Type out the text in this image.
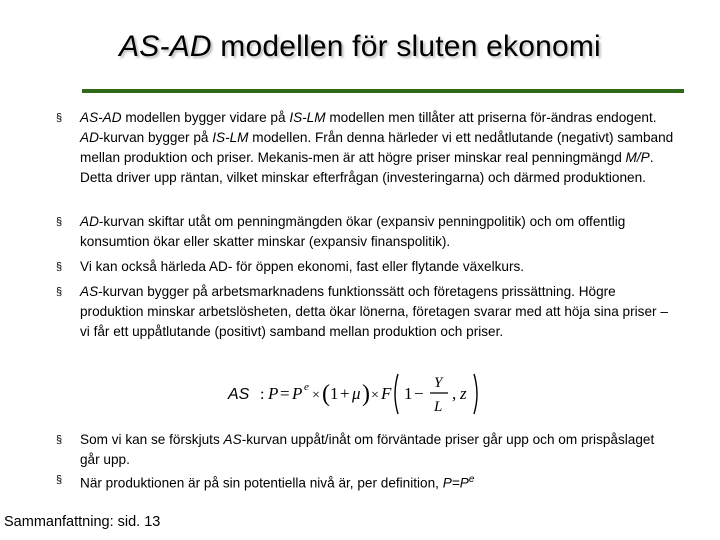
AS-AD modellen för sluten ekonomi
§	AS-AD modellen bygger vidare på IS-LM modellen men tillåter att priserna för-ändras endogent. AD-kurvan bygger på IS-LM modellen. Från denna härleder vi ett nedåtlutande (negativt) samband mellan produktion och priser. Mekanis-men är att högre priser minskar real penningmängd M/P. Detta driver upp räntan, vilket minskar efterfrågan (investeringarna) och därmed produktionen.
§	AD-kurvan skiftar utåt om penningmängden ökar (expansiv penningpolitik) och om offentlig konsumtion ökar eller skatter minskar (expansiv finanspolitik).
§	Vi kan också härleda AD- för öppen ekonomi, fast eller flytande växelkurs.
§	AS-kurvan bygger på arbetsmarknadens funktionssätt och företagens prissättning. Högre produktion minskar arbetslösheten, detta ökar lönerna, företagen svarar med att höja sina priser – vi får ett uppåtlutande (positivt) samband mellan produktion och priser.
§	Som vi kan se förskjuts AS-kurvan uppåt/inåt om förväntade priser går upp och om prispåslaget går upp.
§	När produktionen är på sin potentiella nivå är, per definition, $P=P^e$
AS : P = P e
× ( 1 + μ ) × F 1 −
Y
L
, z
Sammanfattning: sid. 13
